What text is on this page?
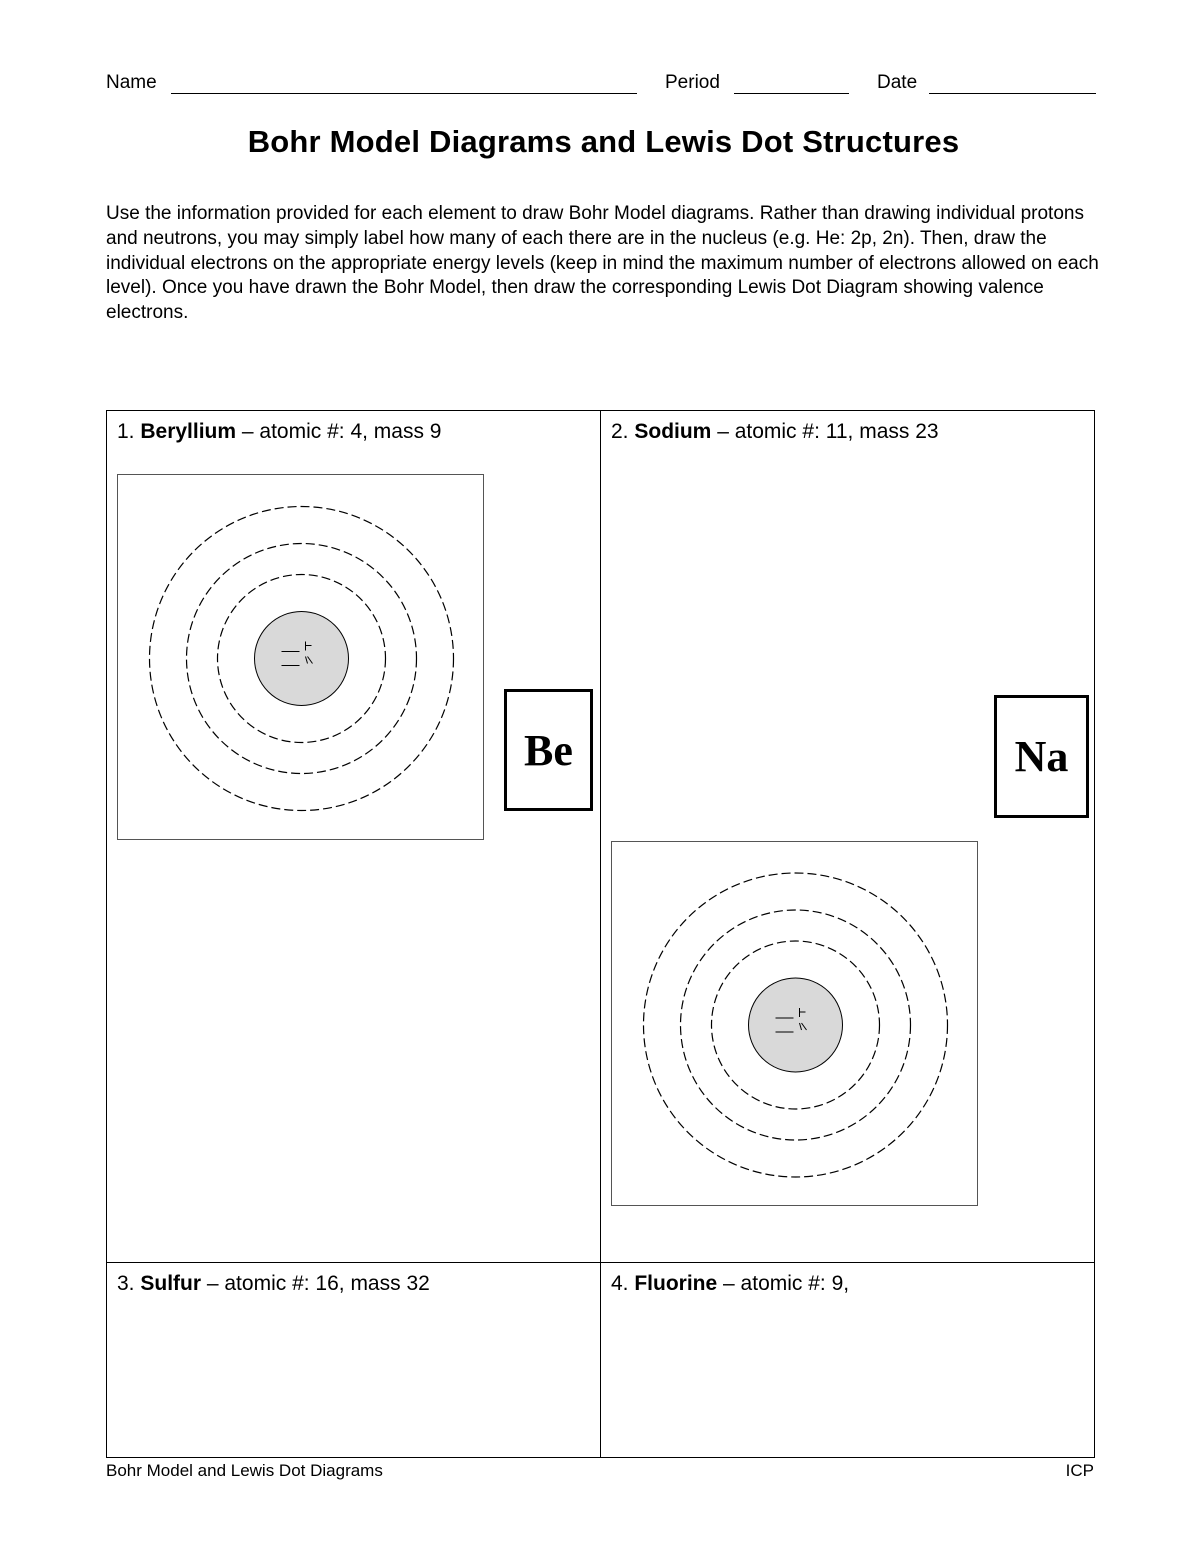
Name	Period	Date
Bohr Model Diagrams and Lewis Dot Structures
Use the information provided for each element to draw Bohr Model diagrams. Rather than drawing individual protons and neutrons, you may simply label how many of each there are in the nucleus (e.g. He: 2p, 2n). Then, draw the individual electrons on the appropriate energy levels (keep in mind the maximum number of electrons allowed on each level). Once you have drawn the Bohr Model, then draw the corresponding Lewis Dot Diagram showing valence electrons.
1. Beryllium – atomic #: 4, mass 9
Be
2. Sodium – atomic #: 11, mass 23
Na
3. Sulfur – atomic #: 16, mass 32	4. Fluorine – atomic #: 9,
Bohr Model and Lewis Dot Diagrams	ICP
